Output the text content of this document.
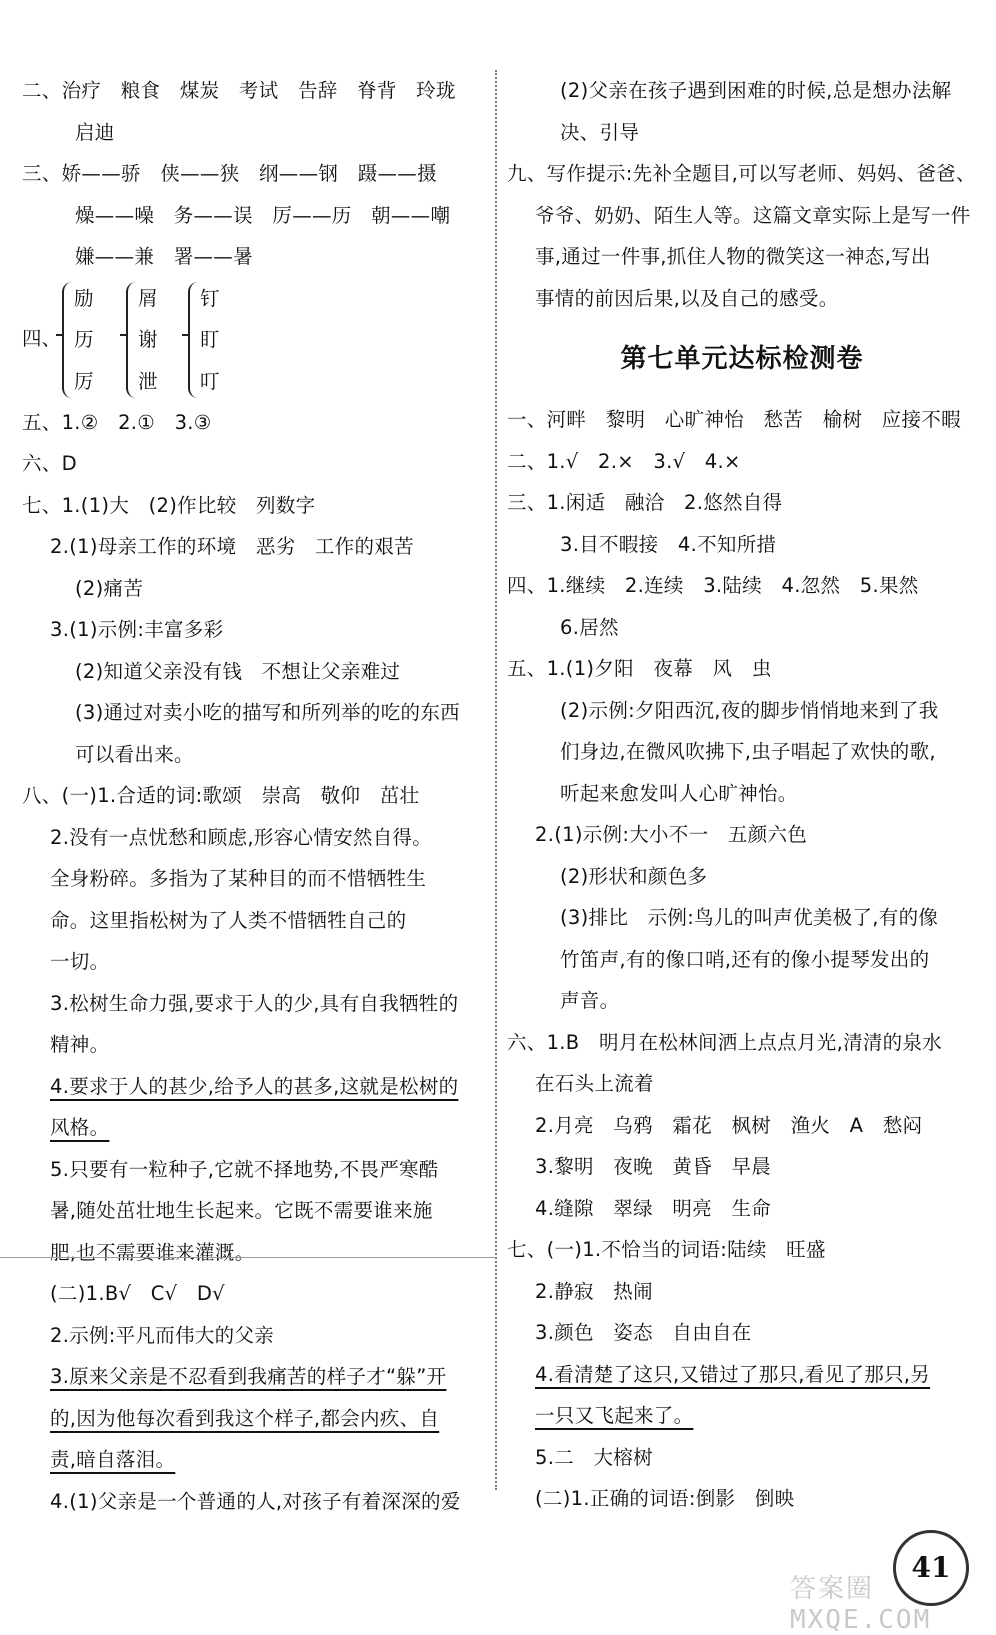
二、治疗   粮食   煤炭   考试   告辞   脊背   玲珑
启迪
三、娇——骄   侠——狭   纲——钢   蹑——摄
燥——噪   务——误   厉——历   朝——嘲
嫌——兼   署——暑
四、
励
历
厉
屑
谢
泄
钉
盯
叮
五、1.②   2.①   3.③
六、D
七、1.(1)大   (2)作比较   列数字
2.(1)母亲工作的环境   恶劣   工作的艰苦
(2)痛苦
3.(1)示例:丰富多彩
(2)知道父亲没有钱   不想让父亲难过
(3)通过对卖小吃的描写和所列举的吃的东西
可以看出来。
八、(一)1.合适的词:歌颂   崇高   敬仰   茁壮
2.没有一点忧愁和顾虑,形容心情安然自得。
全身粉碎。多指为了某种目的而不惜牺牲生
命。这里指松树为了人类不惜牺牲自己的
一切。
3.松树生命力强,要求于人的少,具有自我牺牲的
精神。
4.要求于人的甚少,给予人的甚多,这就是松树的
风格。
5.只要有一粒种子,它就不择地势,不畏严寒酷
暑,随处茁壮地生长起来。它既不需要谁来施
肥,也不需要谁来灌溉。
(二)1.B√   C√   D√
2.示例:平凡而伟大的父亲
3.原来父亲是不忍看到我痛苦的样子才“躲”开
的,因为他每次看到我这个样子,都会内疚、自
责,暗自落泪。
4.(1)父亲是一个普通的人,对孩子有着深深的爱
(2)父亲在孩子遇到困难的时候,总是想办法解
决、引导
九、写作提示:先补全题目,可以写老师、妈妈、爸爸、
爷爷、奶奶、陌生人等。这篇文章实际上是写一件
事,通过一件事,抓住人物的微笑这一神态,写出
事情的前因后果,以及自己的感受。
第七单元达标检测卷
一、河畔   黎明   心旷神怡   愁苦   榆树   应接不暇
二、1.√   2.×   3.√   4.×
三、1.闲适   融洽   2.悠然自得
3.目不暇接   4.不知所措
四、1.继续   2.连续   3.陆续   4.忽然   5.果然
6.居然
五、1.(1)夕阳   夜幕   风   虫
(2)示例:夕阳西沉,夜的脚步悄悄地来到了我
们身边,在微风吹拂下,虫子唱起了欢快的歌,
听起来愈发叫人心旷神怡。
2.(1)示例:大小不一   五颜六色
(2)形状和颜色多
(3)排比   示例:鸟儿的叫声优美极了,有的像
竹笛声,有的像口哨,还有的像小提琴发出的
声音。
六、1.B   明月在松林间洒上点点月光,清清的泉水
在石头上流着
2.月亮   乌鸦   霜花   枫树   渔火   A   愁闷
3.黎明   夜晚   黄昏   早晨
4.缝隙   翠绿   明亮   生命
七、(一)1.不恰当的词语:陆续   旺盛
2.静寂   热闹
3.颜色   姿态   自由自在
4.看清楚了这只,又错过了那只,看见了那只,另
一只又飞起来了。
5.二   大榕树
(二)1.正确的词语:倒影   倒映
答案圈 MXQE.COM
41
